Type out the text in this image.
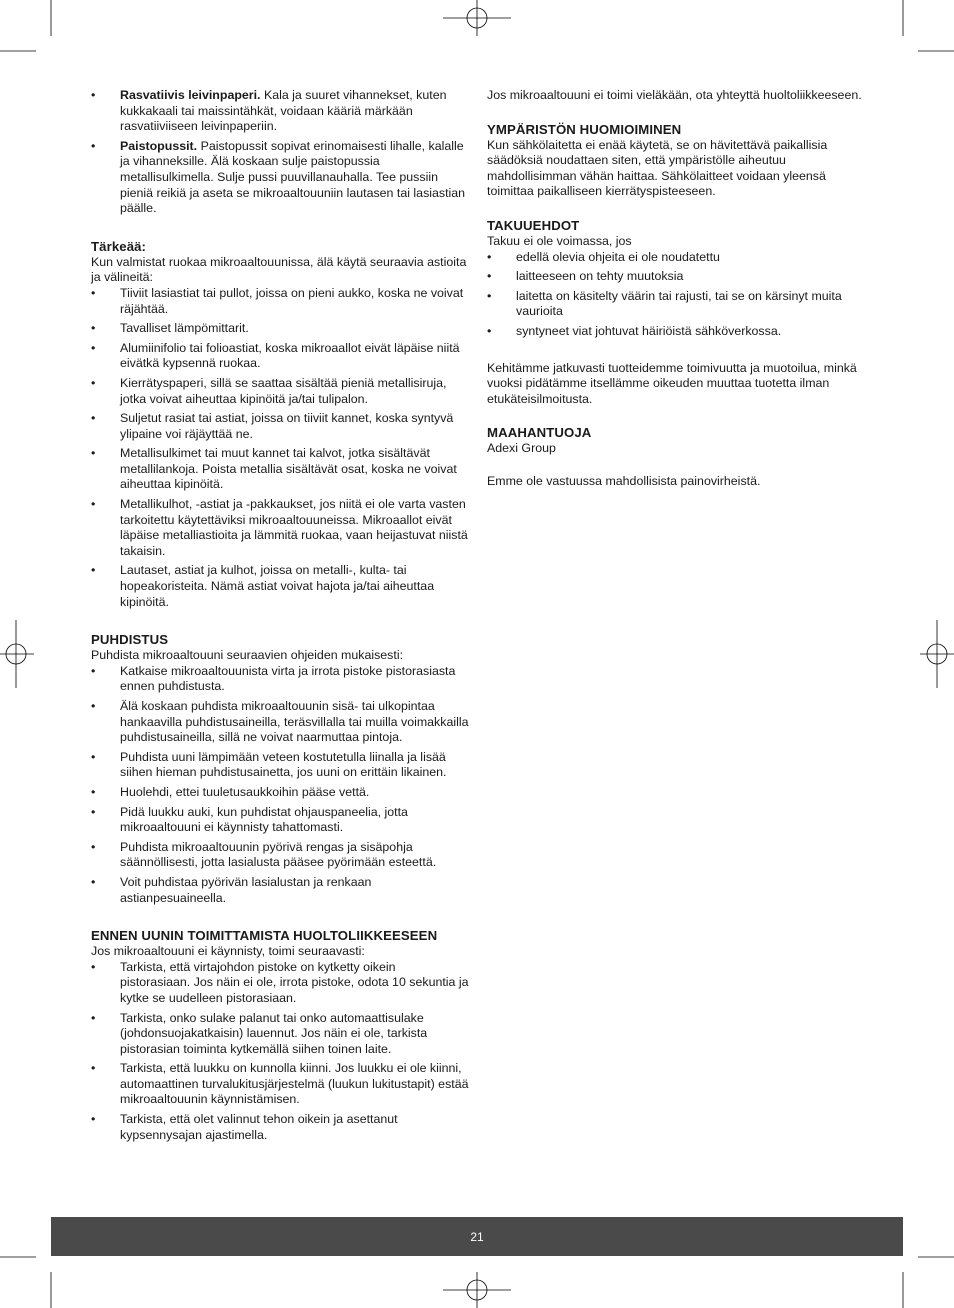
• Rasvatiivis leivinpaperi. Kala ja suuret vihannekset, kuten kukkakaali tai maissintähkät, voidaan kääriä märkään rasvatiiviiseen leivinpaperiin.
• Paistopussit. Paistopussit sopivat erinomaisesti lihalle, kalalle ja vihanneksille. Älä koskaan sulje paistopussia metallisulkimella. Sulje pussi puuvillanauhalla. Tee pussiin pieniä reikiä ja aseta se mikroaaltouuniin lautasen tai lasiastian päälle.

Tärkeää:

Kun valmistat ruokaa mikroaaltouunissa, älä käytä seuraavia astioita ja välineitä:

• Tiiviit lasiastiat tai pullot, joissa on pieni aukko, koska ne voivat räjähtää.
• Tavalliset lämpömittarit.
• Alumiinifolio tai folioastiat, koska mikroaallot eivät läpäise niitä eivätkä kypsennä ruokaa.
• Kierrätyspaperi, sillä se saattaa sisältää pieniä metallisiruja, jotka voivat aiheuttaa kipinöitä ja/tai tulipalon.
• Suljetut rasiat tai astiat, joissa on tiiviit kannet, koska syntyvä ylipaine voi räjäyttää ne.
• Metallisulkimet tai muut kannet tai kalvot, jotka sisältävät metallilankoja. Poista metallia sisältävät osat, koska ne voivat aiheuttaa kipinöitä.
• Metallikulhot, -astiat ja -pakkaukset, jos niitä ei ole varta vasten tarkoitettu käytettäviksi mikroaaltouuneissa. Mikroaallot eivät läpäise metalliastioita ja lämmitä ruokaa, vaan heijastuvat niistä takaisin.
• Lautaset, astiat ja kulhot, joissa on metalli-, kulta- tai hopeakoristeita. Nämä astiat voivat hajota ja/tai aiheuttaa kipinöitä.

PUHDISTUS

Puhdista mikroaaltouuni seuraavien ohjeiden mukaisesti:

• Katkaise mikroaaltouunista virta ja irrota pistoke pistorasiasta ennen puhdistusta.
• Älä koskaan puhdista mikroaaltouunin sisä- tai ulkopintaa hankaavilla puhdistusaineilla, teräsvillalla tai muilla voimakkailla puhdistusaineilla, sillä ne voivat naarmuttaa pintoja.
• Puhdista uuni lämpimään veteen kostutetulla liinalla ja lisää siihen hieman puhdistusainetta, jos uuni on erittäin likainen.
• Huolehdi, ettei tuuletusaukkoihin pääse vettä.
• Pidä luukku auki, kun puhdistat ohjauspaneelia, jotta mikroaaltouuni ei käynnisty tahattomasti.
• Puhdista mikroaaltouunin pyörivä rengas ja sisäpohja säännöllisesti, jotta lasialusta pääsee pyörimään esteettä.
• Voit puhdistaa pyörivän lasialustan ja renkaan astianpesuaineella.

ENNEN UUNIN TOIMITTAMISTA HUOLTOLIIKKEESEEN

Jos mikroaaltouuni ei käynnisty, toimi seuraavasti:

• Tarkista, että virtajohdon pistoke on kytketty oikein pistorasiaan. Jos näin ei ole, irrota pistoke, odota 10 sekuntia ja kytke se uudelleen pistorasiaan.
• Tarkista, onko sulake palanut tai onko automaattisulake (johdonsuojakatkaisin) lauennut. Jos näin ei ole, tarkista pistorasian toiminta kytkemällä siihen toinen laite.
• Tarkista, että luukku on kunnolla kiinni. Jos luukku ei ole kiinni, automaattinen turvalukitusjärjestelmä (luukun lukitustapit) estää mikroaaltouunin käynnistämisen.
• Tarkista, että olet valinnut tehon oikein ja asettanut kypsennysajan ajastimella.

Jos mikroaaltouuni ei toimi vieläkään, ota yhteyttä huoltoliikkeeseen.

YMPÄRISTÖN HUOMIOIMINEN

Kun sähkölaitetta ei enää käytetä, se on hävitettävä paikallisia säädöksiä noudattaen siten, että ympäristölle aiheutuu mahdollisimman vähän haittaa. Sähkölaitteet voidaan yleensä toimittaa paikalliseen kierrätyspisteeseen.

TAKUUEHDOT

Takuu ei ole voimassa, jos

• edellä olevia ohjeita ei ole noudatettu
• laitteeseen on tehty muutoksia
• laitetta on käsitelty väärin tai rajusti, tai se on kärsinyt muita vaurioita
• syntyneet viat johtuvat häiriöistä sähköverkossa.

Kehitämme jatkuvasti tuotteidemme toimivuutta ja muotoilua, minkä vuoksi pidätämme itsellämme oikeuden muuttaa tuotetta ilman etukäteisilmoitusta.

MAAHANTUOJA

Adexi Group

Emme ole vastuussa mahdollisista painovirheistä.

21
